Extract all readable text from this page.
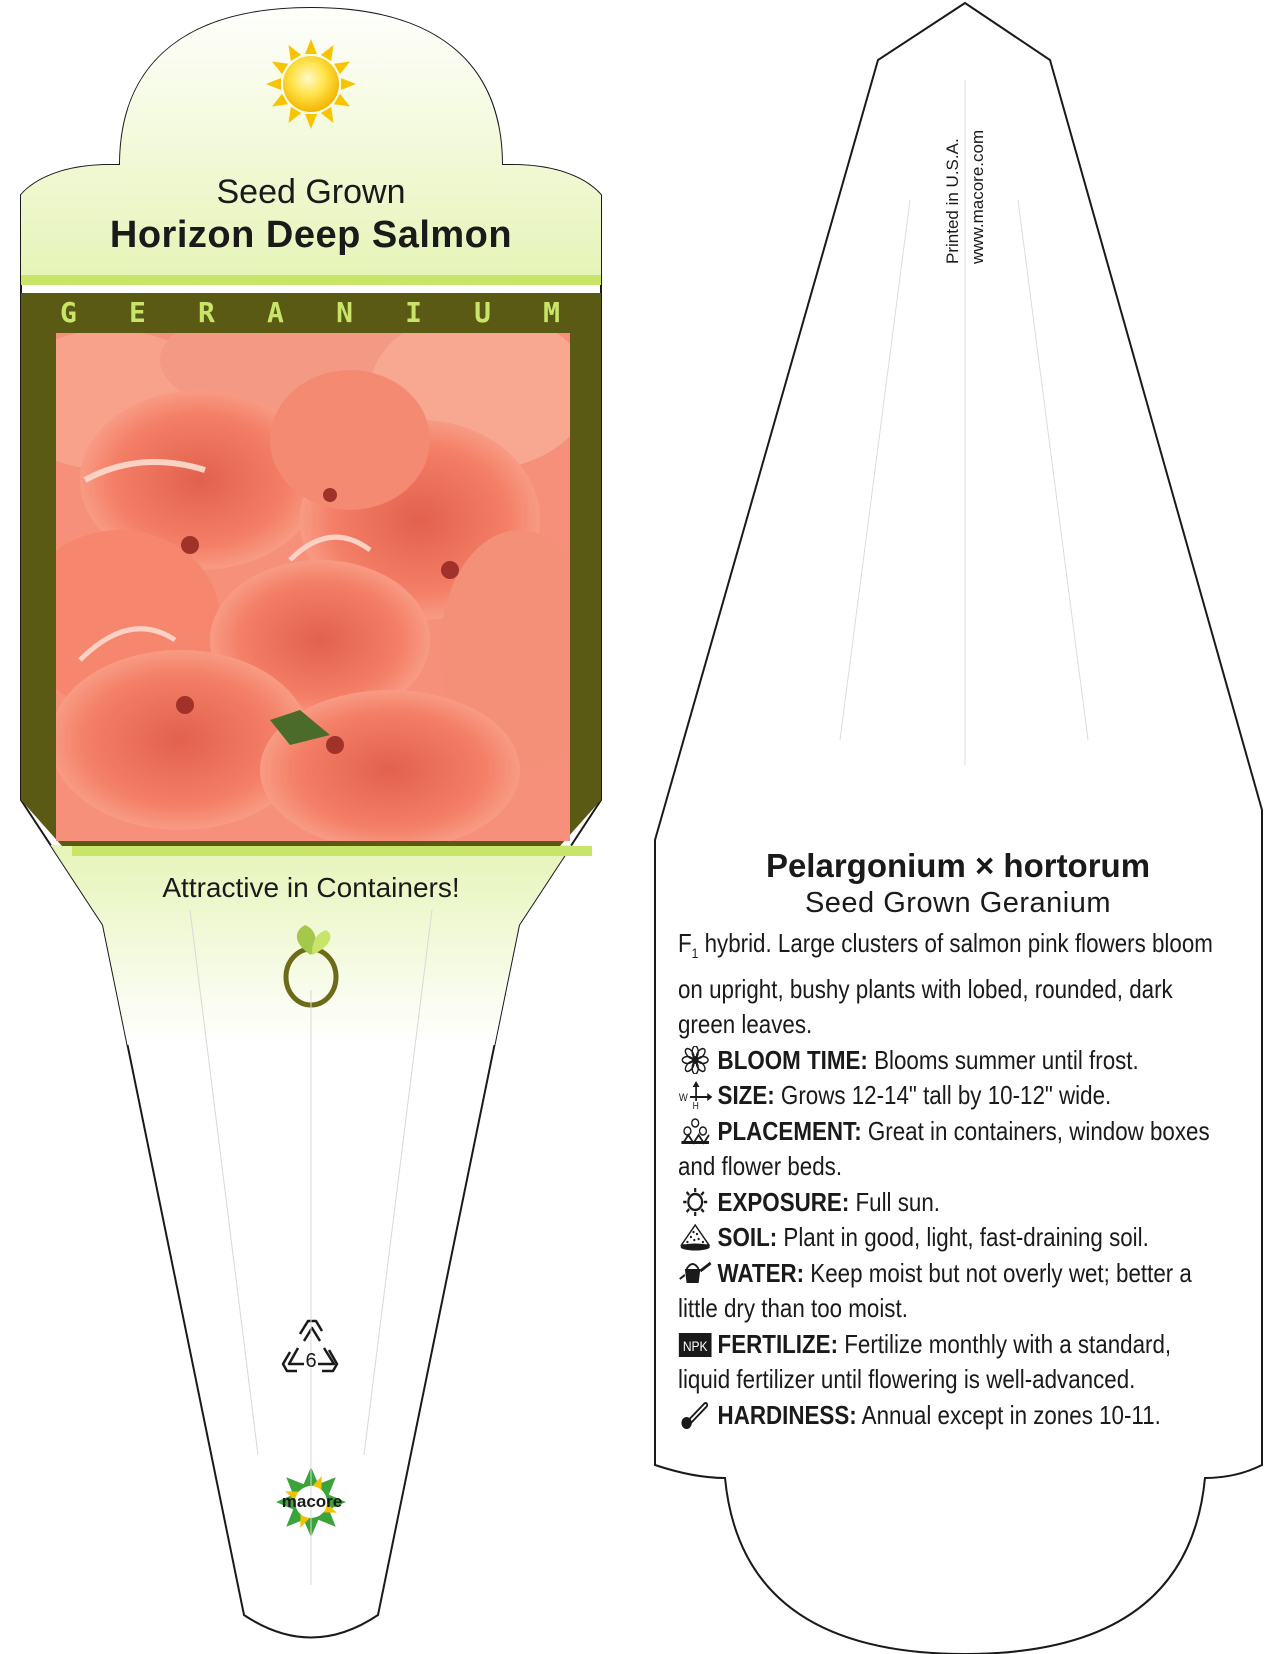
Seed Grown
Horizon Deep Salmon
G E R A N I U M
Attractive in Containers!
6
macore
Printed in U.S.A. www.macore.com
Pelargonium × hortorum
Seed Grown Geranium
$F_1$ hybrid. Large clusters of salmon pink flowers bloom on upright, bushy plants with lobed, rounded, dark green leaves.
BLOOM TIME: Blooms summer until frost.
W
H SIZE: Grows 12-14" tall by 10-12" wide.
PLACEMENT: Great in containers, window boxes and flower beds.
EXPOSURE: Full sun.
SOIL: Plant in good, light, fast-draining soil.
WATER: Keep moist but not overly wet; better a little dry than too moist.
NPK FERTILIZE: Fertilize monthly with a standard, liquid fertilizer until flowering is well-advanced.
HARDINESS: Annual except in zones 10-11.
